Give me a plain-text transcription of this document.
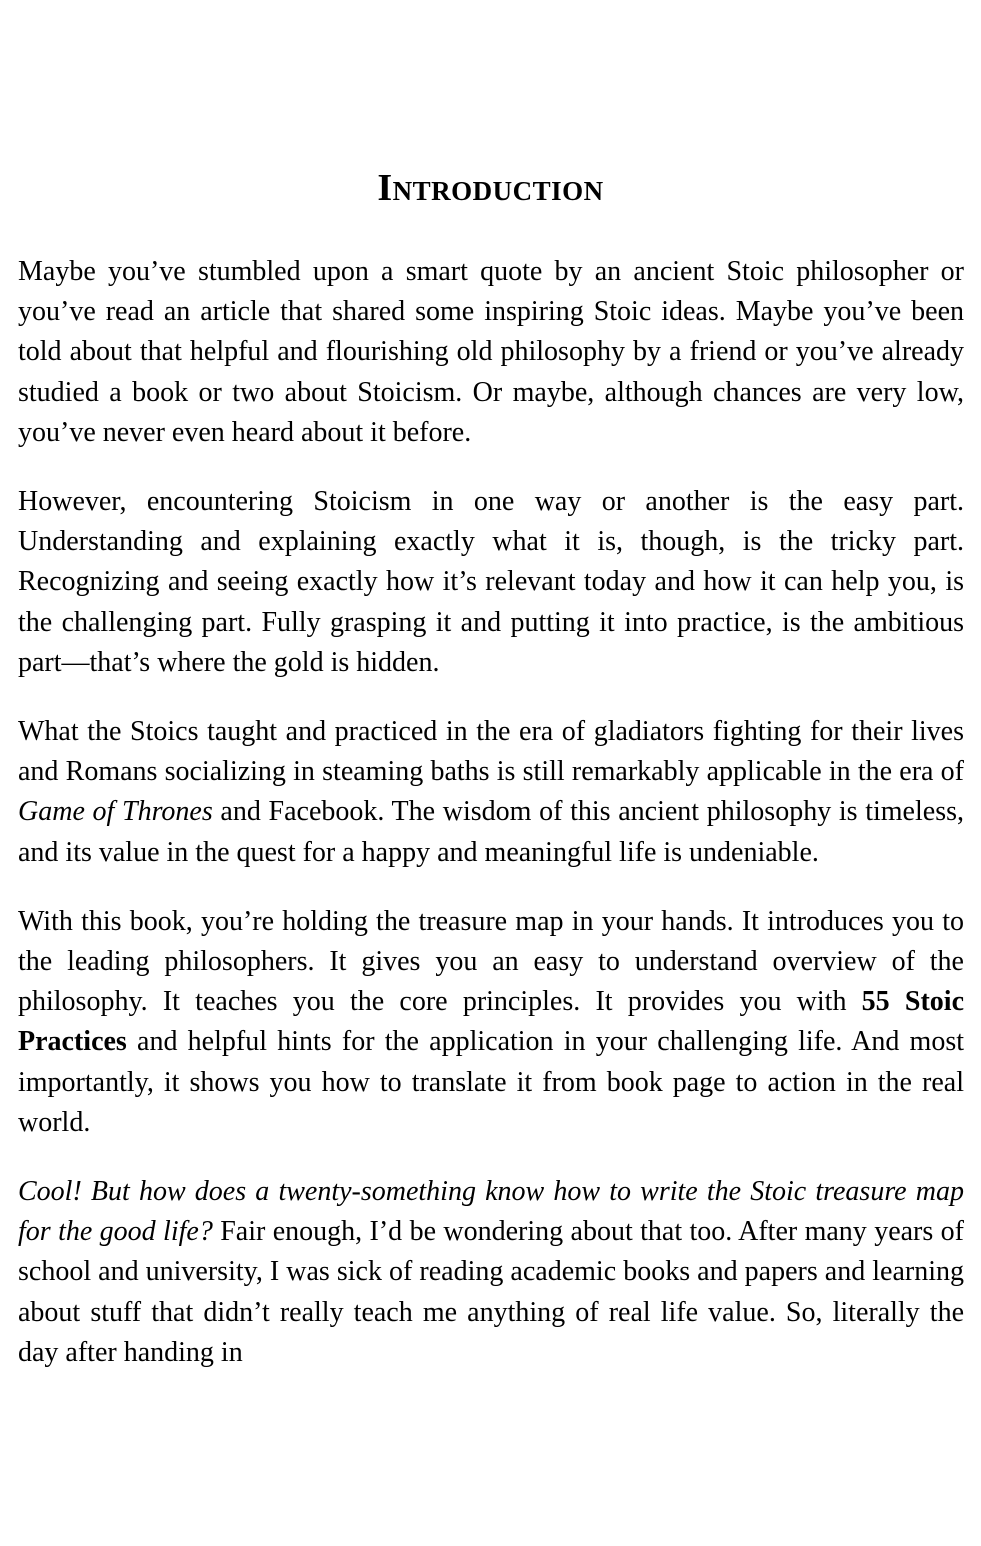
Introduction

Maybe you’ve stumbled upon a smart quote by an ancient Stoic philosopher or you’ve read an article that shared some inspiring Stoic ideas. Maybe you’ve been told about that helpful and flourishing old philosophy by a friend or you’ve already studied a book or two about Stoicism. Or maybe, although chances are very low, you’ve never even heard about it before.

However, encountering Stoicism in one way or another is the easy part. Understanding and explaining exactly what it is, though, is the tricky part. Recognizing and seeing exactly how it’s relevant today and how it can help you, is the challenging part. Fully grasping it and putting it into practice, is the ambitious part—that’s where the gold is hidden.

What the Stoics taught and practiced in the era of gladiators fighting for their lives and Romans socializing in steaming baths is still remarkably applicable in the era of Game of Thrones and Facebook. The wisdom of this ancient philosophy is timeless, and its value in the quest for a happy and meaningful life is undeniable.

With this book, you’re holding the treasure map in your hands. It introduces you to the leading philosophers. It gives you an easy to understand overview of the philosophy. It teaches you the core principles. It provides you with 55 Stoic Practices and helpful hints for the application in your challenging life. And most importantly, it shows you how to translate it from book page to action in the real world.

Cool! But how does a twenty-something know how to write the Stoic treasure map for the good life? Fair enough, I’d be wondering about that too. After many years of school and university, I was sick of reading academic books and papers and learning about stuff that didn’t really teach me anything of real life value. So, literally the day after handing in
